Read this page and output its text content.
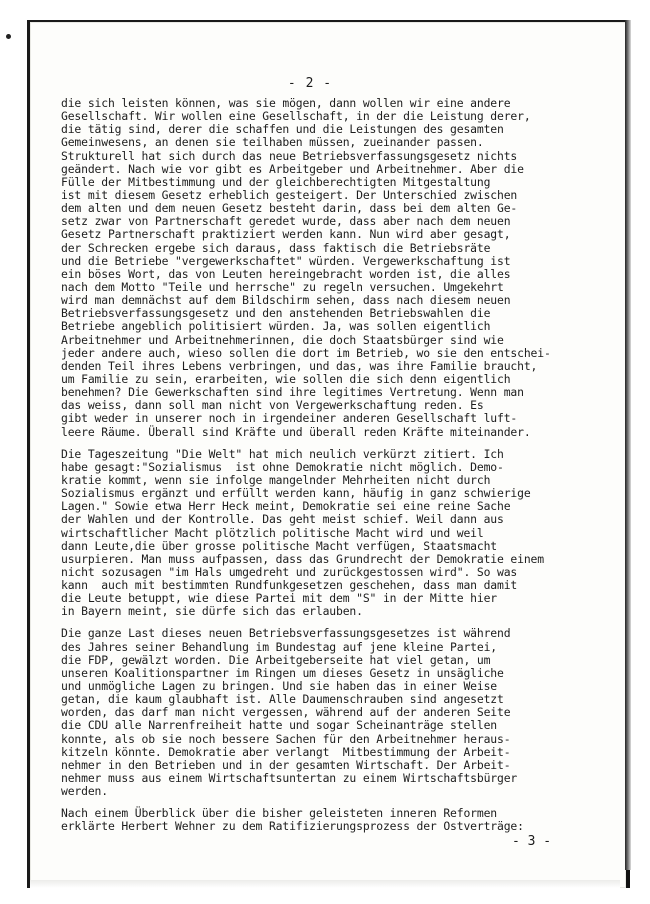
- 2 -
die sich leisten können, was sie mögen, dann wollen wir eine andere
Gesellschaft. Wir wollen eine Gesellschaft, in der die Leistung derer,
die tätig sind, derer die schaffen und die Leistungen des gesamten
Gemeinwesens, an denen sie teilhaben müssen, zueinander passen.
Strukturell hat sich durch das neue Betriebsverfassungsgesetz nichts
geändert. Nach wie vor gibt es Arbeitgeber und Arbeitnehmer. Aber die
Fülle der Mitbestimmung und der gleichberechtigten Mitgestaltung
ist mit diesem Gesetz erheblich gesteigert. Der Unterschied zwischen
dem alten und dem neuen Gesetz besteht darin, dass bei dem alten Ge-
setz zwar von Partnerschaft geredet wurde, dass aber nach dem neuen
Gesetz Partnerschaft praktiziert werden kann. Nun wird aber gesagt,
der Schrecken ergebe sich daraus, dass faktisch die Betriebsräte
und die Betriebe "vergewerkschaftet" würden. Vergewerkschaftung ist
ein böses Wort, das von Leuten hereingebracht worden ist, die alles
nach dem Motto "Teile und herrsche" zu regeln versuchen. Umgekehrt
wird man demnächst auf dem Bildschirm sehen, dass nach diesem neuen
Betriebsverfassungsgesetz und den anstehenden Betriebswahlen die
Betriebe angeblich politisiert würden. Ja, was sollen eigentlich
Arbeitnehmer und Arbeitnehmerinnen, die doch Staatsbürger sind wie
jeder andere auch, wieso sollen die dort im Betrieb, wo sie den entschei-
denden Teil ihres Lebens verbringen, und das, was ihre Familie braucht,
um Familie zu sein, erarbeiten, wie sollen die sich denn eigentlich
benehmen? Die Gewerkschaften sind ihre legitimes Vertretung. Wenn man
das weiss, dann soll man nicht von Vergewerkschaftung reden. Es
gibt weder in unserer noch in irgendeiner anderen Gesellschaft luft-
leere Räume. Überall sind Kräfte und überall reden Kräfte miteinander.
Die Tageszeitung "Die Welt" hat mich neulich verkürzt zitiert. Ich
habe gesagt:"Sozialismus  ist ohne Demokratie nicht möglich. Demo-
kratie kommt, wenn sie infolge mangelnder Mehrheiten nicht durch
Sozialismus ergänzt und erfüllt werden kann, häufig in ganz schwierige
Lagen." Sowie etwa Herr Heck meint, Demokratie sei eine reine Sache
der Wahlen und der Kontrolle. Das geht meist schief. Weil dann aus
wirtschaftlicher Macht plötzlich politische Macht wird und weil
dann Leute,die über grosse politische Macht verfügen, Staatsmacht
usurpieren. Man muss aufpassen, dass das Grundrecht der Demokratie einem
nicht sozusagen "im Hals umgedreht und zurückgestossen wird". So was
kann  auch mit bestimmten Rundfunkgesetzen geschehen, dass man damit
die Leute betuppt, wie diese Partei mit dem "S" in der Mitte hier
in Bayern meint, sie dürfe sich das erlauben.
Die ganze Last dieses neuen Betriebsverfassungsgesetzes ist während
des Jahres seiner Behandlung im Bundestag auf jene kleine Partei,
die FDP, gewälzt worden. Die Arbeitgeberseite hat viel getan, um
unseren Koalitionspartner im Ringen um dieses Gesetz in unsägliche
und unmögliche Lagen zu bringen. Und sie haben das in einer Weise
getan, die kaum glaubhaft ist. Alle Daumenschrauben sind angesetzt
worden, das darf man nicht vergessen, während auf der anderen Seite
die CDU alle Narrenfreiheit hatte und sogar Scheinanträge stellen
konnte, als ob sie noch bessere Sachen für den Arbeitnehmer heraus-
kitzeln könnte. Demokratie aber verlangt  Mitbestimmung der Arbeit-
nehmer in den Betrieben und in der gesamten Wirtschaft. Der Arbeit-
nehmer muss aus einem Wirtschaftsuntertan zu einem Wirtschaftsbürger
werden.
Nach einem Überblick über die bisher geleisteten inneren Reformen
erklärte Herbert Wehner zu dem Ratifizierungsprozess der Ostverträge:
- 3 -
